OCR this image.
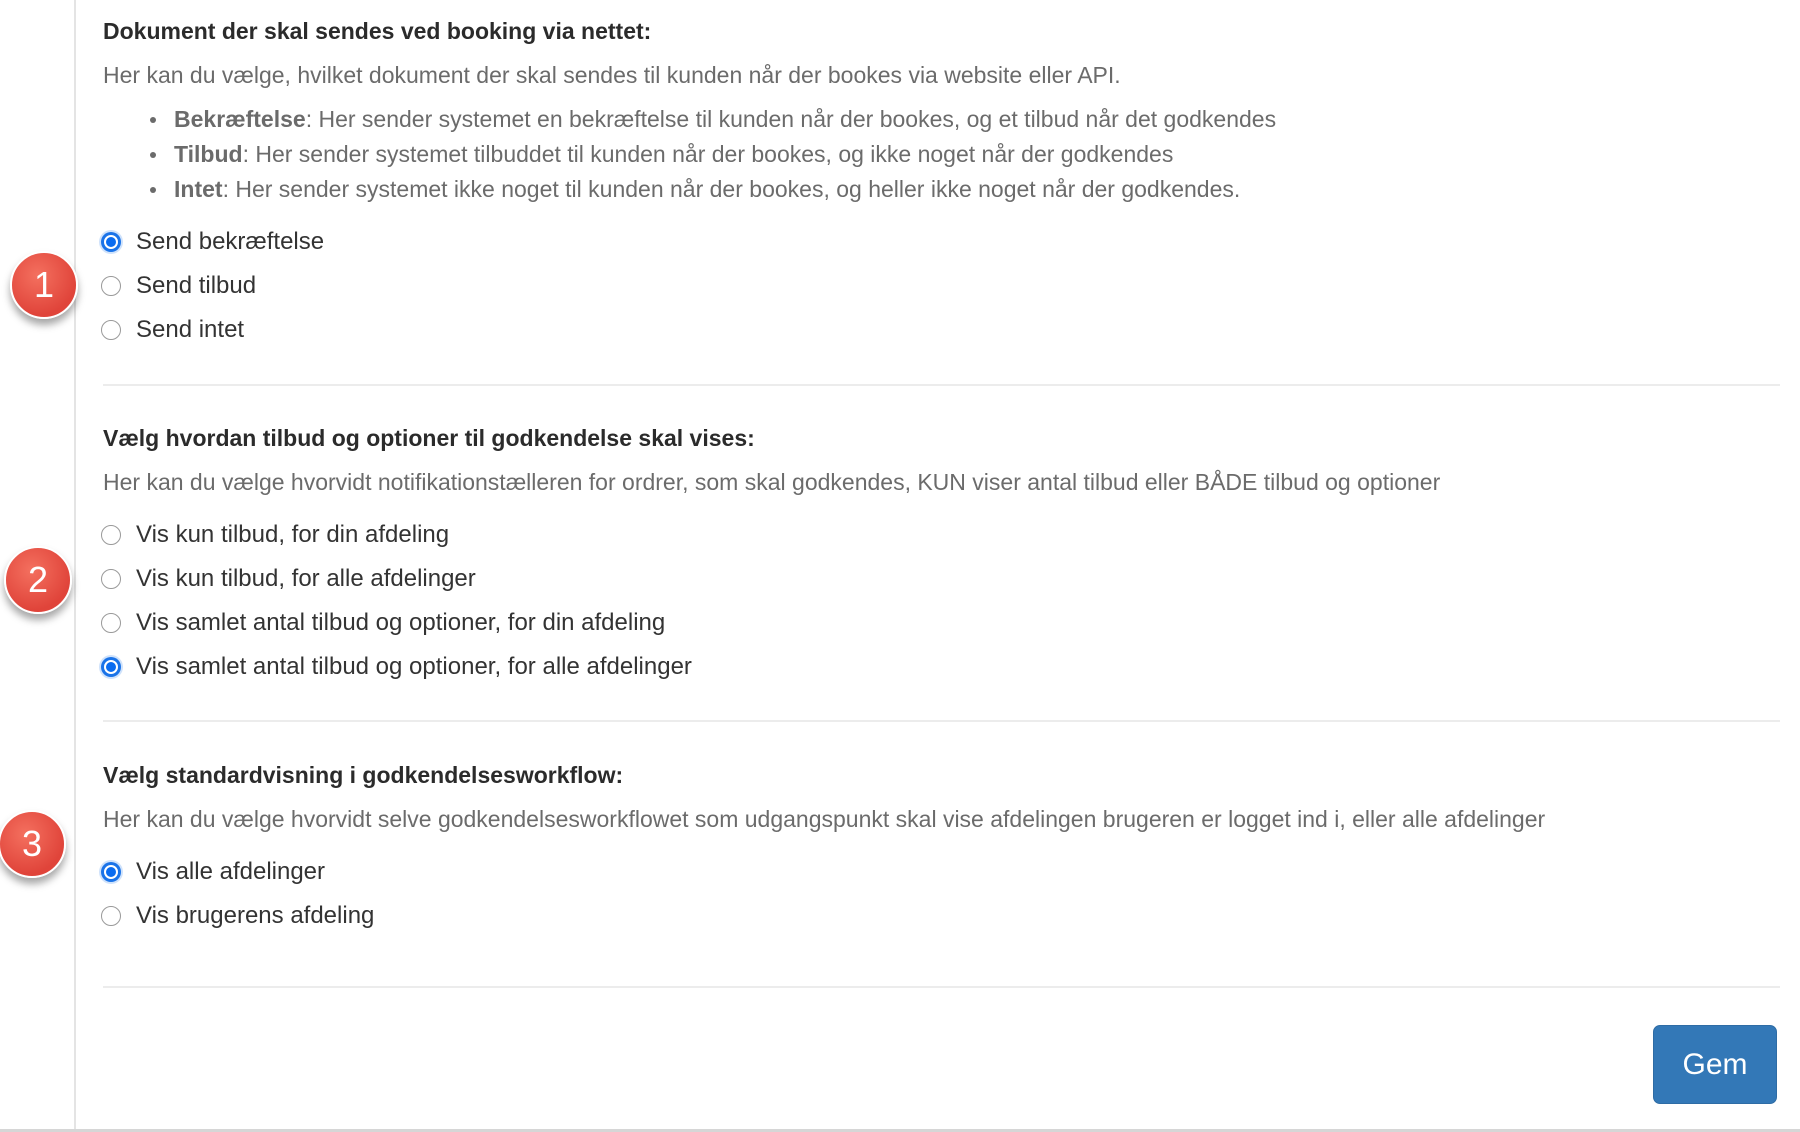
Dokument der skal sendes ved booking via nettet:
Her kan du vælge, hvilket dokument der skal sendes til kunden når der bookes via website eller API.
Bekræftelse: Her sender systemet en bekræftelse til kunden når der bookes, og et tilbud når det godkendes
Tilbud: Her sender systemet tilbuddet til kunden når der bookes, og ikke noget når der godkendes
Intet: Her sender systemet ikke noget til kunden når der bookes, og heller ikke noget når der godkendes.
1
Send bekræftelse
Send tilbud
Send intet
Vælg hvordan tilbud og optioner til godkendelse skal vises:
Her kan du vælge hvorvidt notifikationstælleren for ordrer, som skal godkendes, KUN viser antal tilbud eller BÅDE tilbud og optioner
2
Vis kun tilbud, for din afdeling
Vis kun tilbud, for alle afdelinger
Vis samlet antal tilbud og optioner, for din afdeling
Vis samlet antal tilbud og optioner, for alle afdelinger
Vælg standardvisning i godkendelsesworkflow:
Her kan du vælge hvorvidt selve godkendelsesworkflowet som udgangspunkt skal vise afdelingen brugeren er logget ind i, eller alle afdelinger
3
Vis alle afdelinger
Vis brugerens afdeling
Gem
